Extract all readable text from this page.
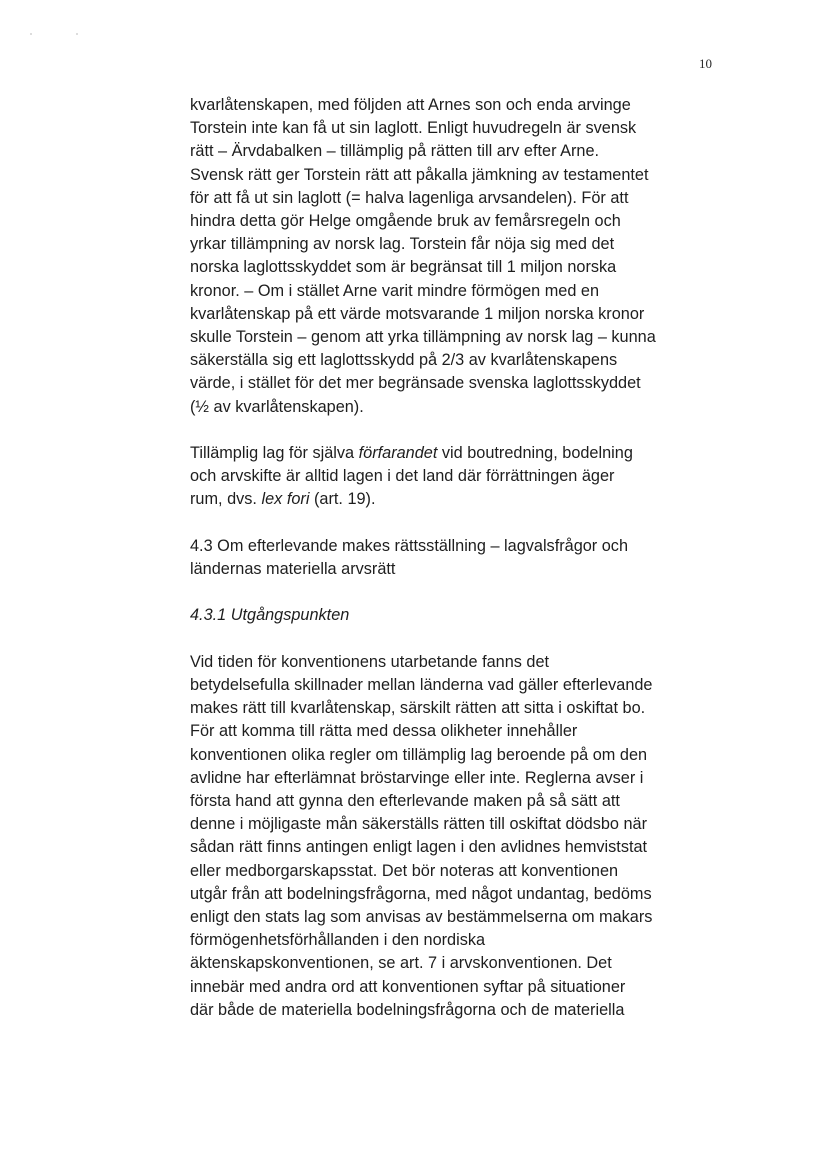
10

kvarlåtenskapen, med följden att Arnes son och enda arvinge
Torstein inte kan få ut sin laglott. Enligt huvudregeln är svensk
rätt – Ärvdabalken – tillämplig på rätten till arv efter Arne.
Svensk rätt ger Torstein rätt att påkalla jämkning av testamentet
för att få ut sin laglott (= halva lagenliga arvsandelen). För att
hindra detta gör Helge omgående bruk av femårsregeln och
yrkar tillämpning av norsk lag. Torstein får nöja sig med det
norska laglottsskyddet som är begränsat till 1 miljon norska
kronor. – Om i stället Arne varit mindre förmögen med en
kvarlåtenskap på ett värde motsvarande 1 miljon norska kronor
skulle Torstein – genom att yrka tillämpning av norsk lag – kunna
säkerställa sig ett laglottsskydd på 2/3 av kvarlåtenskapens
värde, i stället för det mer begränsade svenska laglottsskyddet
(½ av kvarlåtenskapen).

Tillämplig lag för själva förfarandet vid boutredning, bodelning
och arvskifte är alltid lagen i det land där förrättningen äger
rum, dvs. lex fori (art. 19).

4.3 Om efterlevande makes rättsställning – lagvalsfrågor och
ländernas materiella arvsrätt

4.3.1 Utgångspunkten

Vid tiden för konventionens utarbetande fanns det
betydelsefulla skillnader mellan länderna vad gäller efterlevande
makes rätt till kvarlåtenskap, särskilt rätten att sitta i oskiftat bo.
För att komma till rätta med dessa olikheter innehåller
konventionen olika regler om tillämplig lag beroende på om den
avlidne har efterlämnat bröstarvinge eller inte. Reglerna avser i
första hand att gynna den efterlevande maken på så sätt att
denne i möjligaste mån säkerställs rätten till oskiftat dödsbo när
sådan rätt finns antingen enligt lagen i den avlidnes hemviststat
eller medborgarskapsstat. Det bör noteras att konventionen
utgår från att bodelningsfrågorna, med något undantag, bedöms
enligt den stats lag som anvisas av bestämmelserna om makars
förmögenhetsförhållanden i den nordiska
äktenskapskonventionen, se art. 7 i arvskonventionen. Det
innebär med andra ord att konventionen syftar på situationer
där både de materiella bodelningsfrågorna och de materiella
